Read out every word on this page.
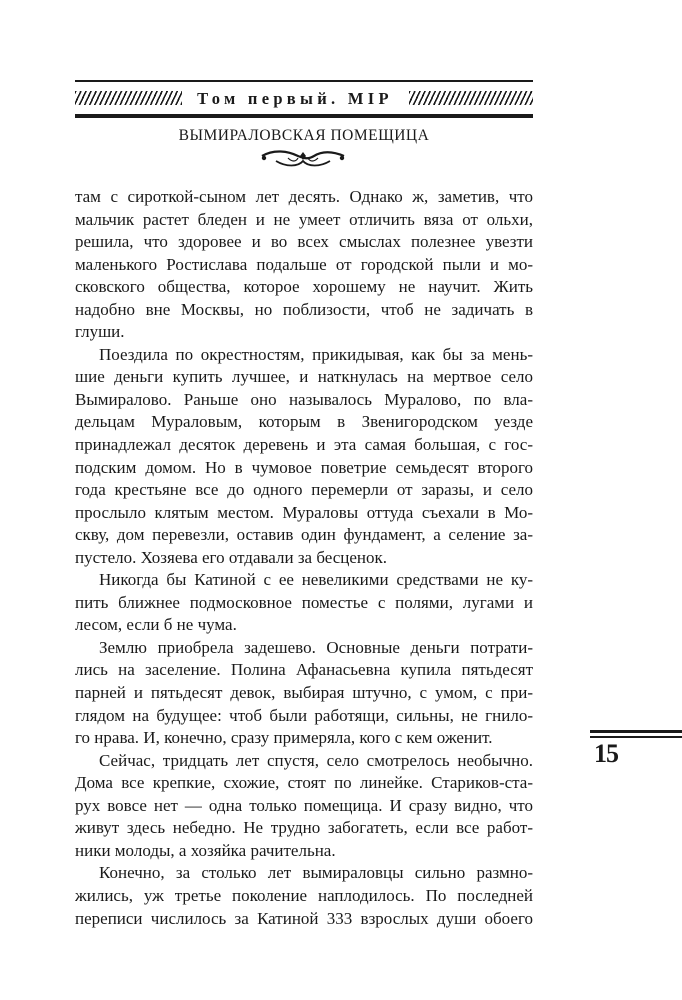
Том первый. МІР
ВЫМИРАЛОВСКАЯ ПОМЕЩИЦА
там с сироткой-сыном лет десять. Однако ж, заметив, что
мальчик растет бледен и не умеет отличить вяза от ольхи,
решила, что здоровее и во всех смыслах полезнее увезти
маленького Ростислава подальше от городской пыли и мо-
сковского общества, которое хорошему не научит. Жить
надобно вне Москвы, но поблизости, чтоб не задичать в
глуши.
Поездила по окрестностям, прикидывая, как бы за мень-
шие деньги купить лучшее, и наткнулась на мертвое село
Вымиралово. Раньше оно называлось Муралово, по вла-
дельцам Мураловым, которым в Звенигородском уезде
принадлежал десяток деревень и эта самая большая, с гос-
подским домом. Но в чумовое поветрие семьдесят второго
года крестьяне все до одного перемерли от заразы, и село
прослыло клятым местом. Мураловы оттуда съехали в Мо-
скву, дом перевезли, оставив один фундамент, а селение за-
пустело. Хозяева его отдавали за бесценок.
Никогда бы Катиной с ее невеликими средствами не ку-
пить ближнее подмосковное поместье с полями, лугами и
лесом, если б не чума.
Землю приобрела задешево. Основные деньги потрати-
лись на заселение. Полина Афанасьевна купила пятьдесят
парней и пятьдесят девок, выбирая штучно, с умом, с при-
глядом на будущее: чтоб были работящи, сильны, не гнило-
го нрава. И, конечно, сразу примеряла, кого с кем оженит.
Сейчас, тридцать лет спустя, село смотрелось необычно.
Дома все крепкие, схожие, стоят по линейке. Стариков-ста-
рух вовсе нет — одна только помещица. И сразу видно, что
живут здесь небедно. Не трудно забогатеть, если все работ-
ники молоды, а хозяйка рачительна.
Конечно, за столько лет вымираловцы сильно размно-
жились, уж третье поколение наплодилось. По последней
переписи числилось за Катиной 333 взрослых души обоего
15
